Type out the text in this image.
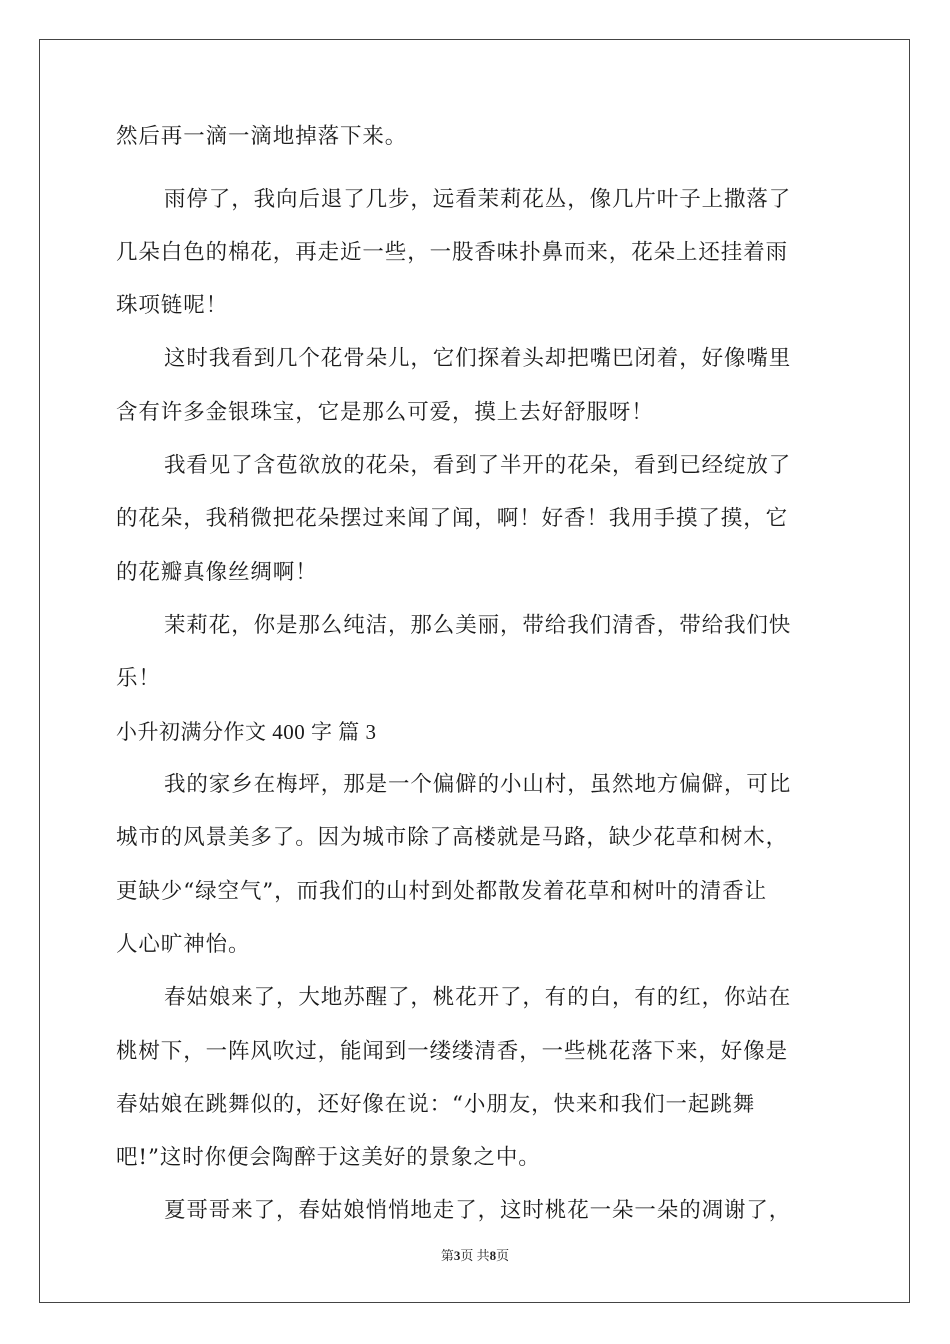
然后再一滴一滴地掉落下来。
雨停了，我向后退了几步，远看茉莉花丛，像几片叶子上撒落了
几朵白色的棉花，再走近一些，一股香味扑鼻而来，花朵上还挂着雨
珠项链呢！
这时我看到几个花骨朵儿，它们探着头却把嘴巴闭着，好像嘴里
含有许多金银珠宝，它是那么可爱，摸上去好舒服呀！
我看见了含苞欲放的花朵，看到了半开的花朵，看到已经绽放了
的花朵，我稍微把花朵摆过来闻了闻，啊！好香！我用手摸了摸，它
的花瓣真像丝绸啊！
茉莉花，你是那么纯洁，那么美丽，带给我们清香，带给我们快
乐！
小升初满分作文 400 字 篇 3
我的家乡在梅坪，那是一个偏僻的小山村，虽然地方偏僻，可比
城市的风景美多了。因为城市除了高楼就是马路，缺少花草和树木，
更缺少“绿空气”，而我们的山村到处都散发着花草和树叶的清香让
人心旷神怡。
春姑娘来了，大地苏醒了，桃花开了，有的白，有的红，你站在
桃树下，一阵风吹过，能闻到一缕缕清香，一些桃花落下来，好像是
春姑娘在跳舞似的，还好像在说：“小朋友，快来和我们一起跳舞
吧!”这时你便会陶醉于这美好的景象之中。
夏哥哥来了，春姑娘悄悄地走了，这时桃花一朵一朵的凋谢了，
第3页 共8页
